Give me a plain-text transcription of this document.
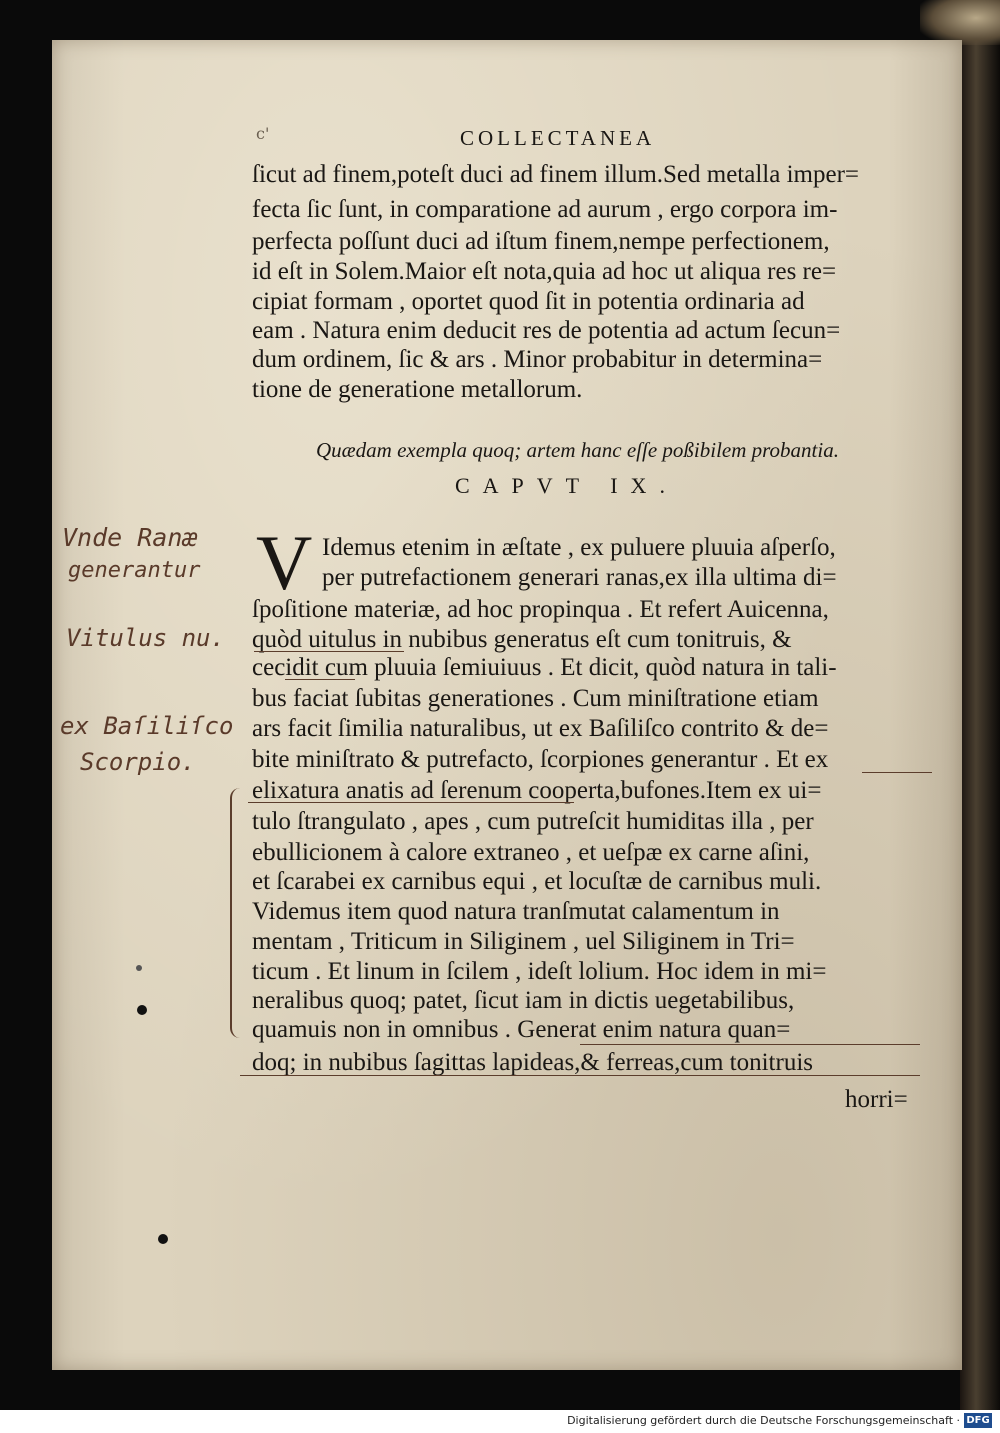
c'	COLLECTANEA
ſicut ad finem,poteſt duci ad finem illum.Sed metalla imper=
fecta ſic ſunt, in comparatione ad aurum , ergo corpora im-
perfecta poſſunt duci ad iſtum finem,nempe perfectionem,
id eſt in Solem.Maior eſt nota,quia ad hoc ut aliqua res re=
cipiat formam , oportet quod ſit in potentia ordinaria ad
eam . Natura enim deducit res de potentia ad actum ſecun=
dum ordinem, ſic & ars . Minor probabitur in determina=
tione de generatione metallorum.
Quædam exempla quoq; artem hanc eſſe poßibilem probantia.
CAPVT IX.
V Idemus etenim in æſtate , ex puluere pluuia aſperſo,
per putrefactionem generari ranas,ex illa ultima di=
ſpoſitione materiæ, ad hoc propinqua . Et refert Auicenna,
quòd uitulus in nubibus generatus eſt cum tonitruis, &
cecidit cum pluuia ſemiuiuus . Et dicit, quòd natura in tali-
bus faciat ſubitas generationes . Cum miniſtratione etiam
ars facit ſimilia naturalibus, ut ex Baſiliſco contrito & de=
bite miniſtrato & putrefacto, ſcorpiones generantur . Et ex
elixatura anatis ad ſerenum cooperta,bufones.Item ex ui=
tulo ſtrangulato , apes , cum putreſcit humiditas illa , per
ebullicionem à calore extraneo , et ueſpæ ex carne aſini,
et ſcarabei ex carnibus equi , et locuſtæ de carnibus muli.
Videmus item quod natura tranſmutat calamentum in
mentam , Triticum in Siliginem , uel Siliginem in Tri=
ticum . Et linum in ſcilem , ideſt lolium. Hoc idem in mi=
neralibus quoq; patet, ſicut iam in dictis uegetabilibus,
quamuis non in omnibus . Generat enim natura quan=
doq; in nubibus ſagittas lapideas,& ferreas,cum tonitruis
horri=
Vnde Ranæ
generantur
Vitulus nu.
ex Baſiliſco
Scorpio.
Digitalisierung gefördert durch die Deutsche Forschungsgemeinschaft · DFG
